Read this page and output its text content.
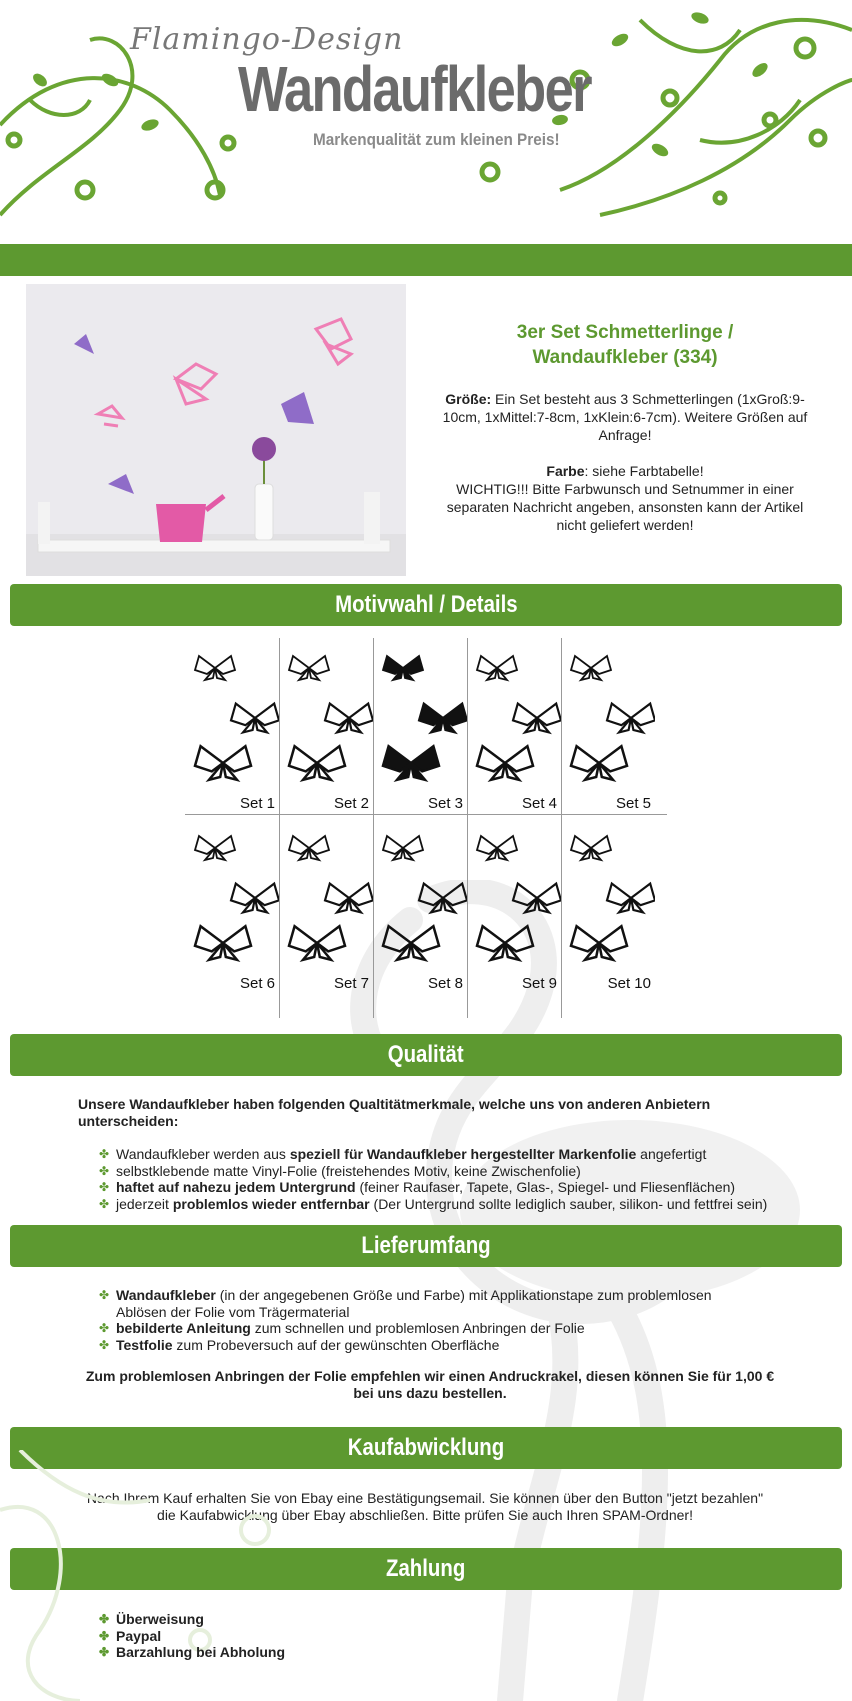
Flamingo-Design
Wandaufkleber
Markenqualität zum kleinen Preis!
3er Set Schmetterlinge /
Wandaufkleber (334)

Größe: Ein Set besteht aus 3 Schmetterlingen (1xGroß:9-10cm, 1xMittel:7-8cm, 1xKlein:6-7cm). Weitere Größen auf Anfrage!

Farbe: siehe Farbtabelle!

WICHTIG!!! Bitte Farbwunsch und Setnummer in einer separaten Nachricht angeben, ansonsten kann der Artikel nicht geliefert werden!

Motivwahl / Details
Set 1	Set 2	Set 3	Set 4	Set 5
Set 6	Set 7	Set 8	Set 9	Set 10
Qualität
Unsere Wandaufkleber haben folgenden Qualtitätmerkmale, welche uns von anderen Anbietern unterscheiden:
✤ Wandaufkleber werden aus speziell für Wandaufkleber hergestellter Markenfolie angefertigt
✤ selbstklebende matte Vinyl-Folie (freistehendes Motiv, keine Zwischenfolie)
✤ haftet auf nahezu jedem Untergrund (feiner Raufaser, Tapete, Glas-, Spiegel- und Fliesenflächen)
✤ jederzeit problemlos wieder entfernbar (Der Untergrund sollte lediglich sauber, silikon- und fettfrei sein)
Lieferumfang
✤ Wandaufkleber (in der angegebenen Größe und Farbe) mit Applikationstape zum problemlosen Ablösen der Folie vom Trägermaterial
✤ bebilderte Anleitung zum schnellen und problemlosen Anbringen der Folie
✤ Testfolie zum Probeversuch auf der gewünschten Oberfläche
Zum problemlosen Anbringen der Folie empfehlen wir einen Andruckrakel, diesen können Sie für 1,00 € bei uns dazu bestellen.
Kaufabwicklung
Nach Ihrem Kauf erhalten Sie von Ebay eine Bestätigungsemail. Sie können über den Button "jetzt bezahlen" die Kaufabwicklung über Ebay abschließen. Bitte prüfen Sie auch Ihren SPAM-Ordner!
Zahlung
✤ Überweisung
✤ Paypal
✤ Barzahlung bei Abholung
